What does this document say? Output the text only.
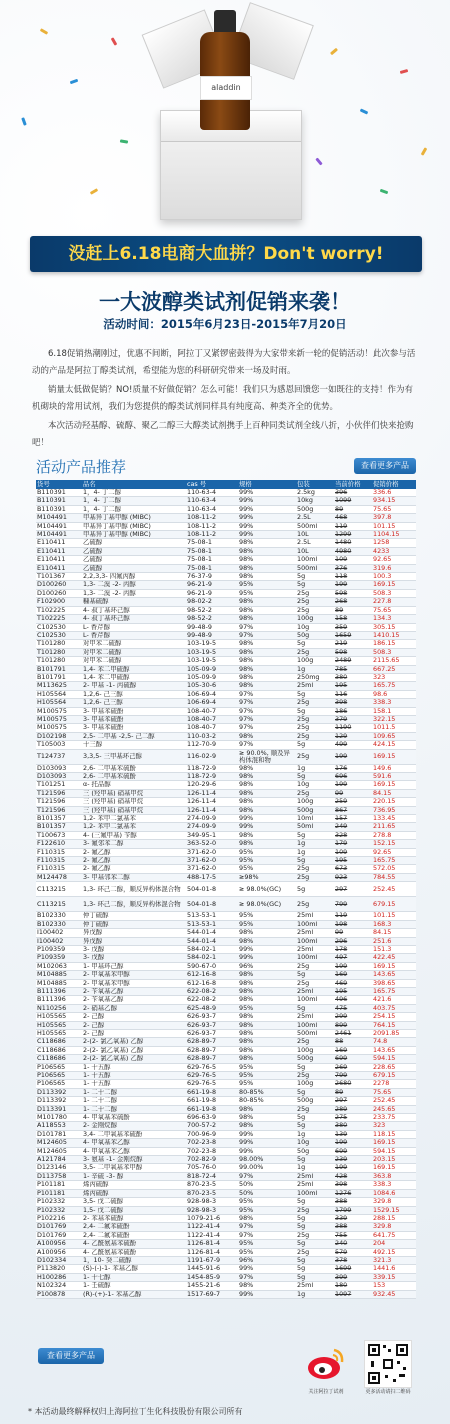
aladdin
没赶上6.18电商大血拼？Don't worry!
一大波醇类试剂促销来袭！
活动时间：2015年6月23日-2015年7月20日

6.18促销热潮刚过，优惠不间断，阿拉丁又紧锣密鼓得为大家带来新一轮的促销活动！此次参与活动的产品是阿拉丁醇类试剂，希望能为您的科研研究带来一场及时雨。

销量太低做促销？NO!质量不好做促销？怎么可能！我们只为感恩回馈您一如既往的支持！作为有机砌块的常用试剂，我们为您提供的醇类试剂同样具有纯度高、种类齐全的优势。

本次活动羟基醇、硫醇、聚乙二醇三大醇类试剂携手上百种同类试剂全线八折，小伙伴们快来抢购吧！

活动产品推荐	查看更多产品
货号	品名	cas 号	规格	包装	当前价格	促销价格
B110391	1，4- 丁二醇	110-63-4	99%	2.5kg	396	336.6
B110391	1，4- 丁二醇	110-63-4	99%	10kg	1099	934.15
B110391	1，4- 丁二醇	110-63-4	99%	500g	89	75.65
M104491	甲基异丁基甲醇 (MIBC)	108-11-2	99%	2.5L	468	397.8
M104491	甲基异丁基甲醇 (MIBC)	108-11-2	99%	500ml	119	101.15
M104491	甲基异丁基甲醇 (MIBC)	108-11-2	99%	10L	1299	1104.15
E110411	乙硫醇	75-08-1	98%	2.5L	1480	1258
E110411	乙硫醇	75-08-1	98%	10L	4980	4233
E110411	乙硫醇	75-08-1	98%	100ml	109	92.65
E110411	乙硫醇	75-08-1	98%	500ml	376	319.6
T101367	2,2,3,3- 四氟丙醇	76-37-9	98%	5g	118	100.3
D100260	1,3- 二溴 -2- 丙醇	96-21-9	95%	5g	199	169.15
D100260	1,3- 二溴 -2- 丙醇	96-21-9	95%	25g	598	508.3
F102900	糠基硫醇	98-02-2	98%	25g	268	227.8
T102225	4- 叔丁基环己醇	98-52-2	98%	25g	89	75.65
T102225	4- 叔丁基环己醇	98-52-2	98%	100g	158	134.3
C102530	L- 香芹醇	99-48-9	97%	10g	359	305.15
C102530	L- 香芹醇	99-48-9	97%	50g	1659	1410.15
T101280	对甲苯二硫醇	103-19-5	98%	5g	219	186.15
T101280	对甲苯二硫醇	103-19-5	98%	25g	598	508.3
T101280	对甲苯二硫醇	103-19-5	98%	100g	2489	2115.65
B101791	1,4- 苯二甲硫醇	105-09-9	98%	1g	785	667.25
B101791	1,4- 苯二甲硫醇	105-09-9	98%	250mg	380	323
M113625	2- 甲基 -1- 丙硫醇	105-30-6	98%	25ml	195	165.75
H105564	1,2,6- 己三醇	106-69-4	97%	5g	116	98.6
H105564	1,2,6- 己三醇	106-69-4	97%	25g	398	338.3
M100575	3- 甲基苯硫酚	108-40-7	97%	5g	186	158.1
M100575	3- 甲基苯硫酚	108-40-7	97%	25g	379	322.15
M100575	3- 甲基苯硫酚	108-40-7	97%	25g	1190	1011.5
D102198	2,5- 二甲基 -2,5- 己二醇	110-03-2	98%	25g	129	109.65
T105003	十三醇	112-70-9	97%	5g	499	424.15
T124737	3,3,5- 三甲基环己醇	116-02-9	≥ 90.0%, 顺及异构体混和物	25g	199	169.15
D103093	2,6- 二甲基苯硫酚	118-72-9	98%	1g	176	149.6
D103093	2,6- 二甲基苯硫酚	118-72-9	98%	5g	696	591.6
T101251	α- 托品醇	120-29-6	98%	10g	199	169.15
T121596	三 (羟甲基) 硝基甲烷	126-11-4	98%	25g	99	84.15
T121596	三 (羟甲基) 硝基甲烷	126-11-4	98%	100g	259	220.15
T121596	三 (羟甲基) 硝基甲烷	126-11-4	98%	500g	867	736.95
B101357	1,2- 苯甲二氯基苯	274-09-9	99%	10ml	157	133.45
B101357	1,2- 苯甲二氯基苯	274-09-9	99%	50ml	249	211.65
T100673	4- (三氟甲基) 苄醇	349-95-1	98%	5g	328	278.8
F122610	3- 氟邻苯二醇	363-52-0	98%	1g	179	152.15
F110315	2- 氟乙醇	371-62-0	95%	1g	109	92.65
F110315	2- 氟乙醇	371-62-0	95%	5g	195	165.75
F110315	2- 氟乙醇	371-62-0	95%	25g	673	572.05
M124478	3- 甲基邻苯二醇	488-17-5	≥98%	25g	923	784.55
C113215	1,3- 环己二醇，顺反异构体混合物	504-01-8	≥ 98.0%(GC)	5g	297	252.45
C113215	1,3- 环己二醇，顺反异构体混合物	504-01-8	≥ 98.0%(GC)	25g	799	679.15
B102330	仲丁硫醇	513-53-1	95%	25ml	119	101.15
B102330	仲丁硫醇	513-53-1	95%	100ml	198	168.3
I100402	异戊醇	544-01-4	98%	25ml	99	84.15
I100402	异戊醇	544-01-4	98%	100ml	296	251.6
P109359	3- 戊醇	584-02-1	99%	25ml	178	151.3
P109359	3- 戊醇	584-02-1	99%	100ml	497	422.45
M102063	1- 甲基环己醇	590-67-0	96%	25g	199	169.15
M104885	2- 甲氧基苯甲醇	612-16-8	98%	5g	169	143.65
M104885	2- 甲氧基苯甲醇	612-16-8	98%	25g	469	398.65
B111396	2- 苄氧基乙醇	622-08-2	98%	25ml	195	165.75
B111396	2- 苄氧基乙醇	622-08-2	98%	100ml	496	421.6
N110256	2- 硝基乙醇	625-48-9	95%	5g	475	403.75
H105565	2- 己醇	626-93-7	98%	25ml	299	254.15
H105565	2- 己醇	626-93-7	98%	100ml	899	764.15
H105565	2- 己醇	626-93-7	98%	500ml	2461	2091.85
C118686	2-(2- 氯乙氧基) 乙醇	628-89-7	98%	25g	88	74.8
C118686	2-(2- 氯乙氧基) 乙醇	628-89-7	98%	100g	169	143.65
C118686	2-(2- 氯乙氧基) 乙醇	628-89-7	98%	500g	699	594.15
P106565	1- 十五醇	629-76-5	95%	5g	269	228.65
P106565	1- 十五醇	629-76-5	95%	25g	799	679.15
P106565	1- 十五醇	629-76-5	95%	100g	2680	2278
D113392	1- 二十二醇	661-19-8	80-85%	5g	89	75.65
D113392	1- 二十二醇	661-19-8	80-85%	500g	297	252.45
D113391	1- 二十二醇	661-19-8	98%	25g	289	245.65
M101780	4- 甲氧基苯硫酚	696-63-9	98%	5g	275	233.75
A118553	2- 金刚烷醇	700-57-2	98%	5g	380	323
D101781	3,4- 二甲氧基苯硫酚	700-96-9	99%	1g	139	118.15
M124605	4- 甲氧基苯乙醇	702-23-8	99%	10g	199	169.15
M124605	4- 甲氧基苯乙醇	702-23-8	99%	50g	699	594.15
A121784	3- 氨基 -1- 金刚烷醇	702-82-9	98.00%	5g	239	203.15
D123146	3,5- 二甲氧基苯甲醇	705-76-0	99.00%	1g	199	169.15
D113758	1- 辛硫 -3- 醇	818-72-4	97%	25ml	428	363.8
P101181	烯丙硫醇	870-23-5	50%	25ml	398	338.3
P101181	烯丙硫醇	870-23-5	50%	100ml	1276	1084.6
P102332	3,5- 戊二硫醇	928-98-3	95%	5g	388	329.8
P102332	1,5- 戊二硫醇	928-98-3	95%	25g	1799	1529.15
P102216	2- 苯基苯硫醇	1079-21-6	98%	5g	339	288.15
D101769	2,4- 二氟苯硫酚	1122-41-4	97%	5g	388	329.8
D101769	2,4- 二氟苯硫酚	1122-41-4	97%	25g	755	641.75
A100956	4- 乙酰氨基苯硫酚	1126-81-4	95%	5g	240	204
A100956	4- 乙酰氨基苯硫酚	1126-81-4	95%	25g	579	492.15
D102334	1，10- 癸二硫醇	1191-67-9	96%	5g	378	321.3
P113820	(S)-(-)-1- 苯基乙醇	1445-91-6	99%	5g	1699	1441.6
H100286	1- 十七醇	1454-85-9	97%	5g	399	339.15
N102324	1- 壬硫醇	1455-21-6	98%	25ml	180	153
P100878	(R)-(+)-1- 苯基乙醇	1517-69-7	99%	1g	1097	932.45
查看更多产品
关注阿拉丁试剂	更多活动请扫二维码
* 本活动最终解释权归上海阿拉丁生化科技股份有限公司所有
